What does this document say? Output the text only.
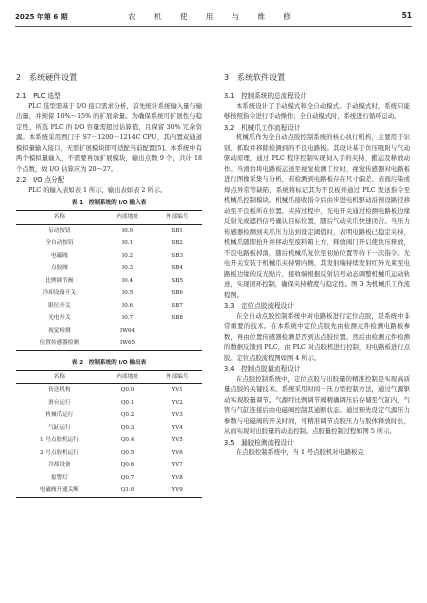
2025 年第 6 期	农 机 使 用 与 维 修	51
2　系统硬件设置
2.1　PLC 选型

PLC 选型需基于 I/O 接口需求分析，首先统计系统输入量与输出量，并预留 10%～15% 的扩展余量。为确保系统可扩展性与稳定性，所选 PLC 的 I/O 容量需超过估算值，且保留 30% 冗余资源。本系统采用西门子 S7－1200－1214C CPU，其内置双通道模拟量输入接口，无需扩展模块即可适配当前配置[5]。本系统中有两个模拟量输入，不需要再加扩展模块，输出点数 9 个，共计 18 个点数，故 I/O 估算应为 20～27。

2.2　I/O 点分配

PLC 的输入表如表 1 所示，输出表如表 2 所示。

表 1　控制系统的 I/O 输入表
名称	内部地址	外部编号
启动按钮	I0.0	SB1
全自动按钮	I0.1	SB2
电磁阀	I0.2	SB3
点胶阀	I0.3	SB4
比例调节阀	I0.4	SB5
冷却设备开关	I0.5	SB6
限位开关	I0.6	SB7
光电开关	I0.7	SB8
视觉检测	IW64	
位置传感器检测	IW65	
表 2　控制系统的 I/O 输出表
名称	内部地址	外部编号
传送机构	Q0.0	YV1
滑台运行	Q0.1	YV2
机械爪运行	Q0.2	YV3
气缸运行	Q0.3	YV4
1 号点胶机运行	Q0.4	YV5
2 号点胶机运行	Q0.5	YV6
冷却设备	Q0.6	YV7
报警灯	Q0.7	YV8
电磁阀开通关断	Q1.0	YV9
3　系统软件设置
3.1　控制系统的总流程设计

本系统设计了手动模式和全自动模式。手动模式时，系统只能够按照指令进行手动操作；全自动模式时，系统进行循环运动。

3.2　机械爪工作流程设计

机械爪作为全自动点胶控制系统的核心执行机构，主要用于识别、抓取并移除检测到的不良电路板。其设计基于负压吸附与气动驱动原理，通过 PLC 程序控制实现伺入手的夹持、搬运及释放动作。当滑台将电路板运送至视觉检测工位时，视觉传感器对电路板进行图像采集与分析，若检测到电路板存在尺寸偏差、表面污染或焊点异常等缺陷，系统将标记其为不良板并通过 PLC 发送指令至机械爪控制模块。机械爪接收指令后由步进电机驱动沿预设路径移动至不良板所在位置。夹持过程中，光电开关通过检测电路板边缘反射光或遮挡信号确认目标位置，随后气动夹爪快速闭合。当压力传感器检测到夹爪压力达到设定阈值时，表明电路板已稳定夹持，机械爪随即抬升并移动至废料箱上方，释放阀门开启使负压释放，不良电路板掉落，随后机械爪复位至初始位置等待下一次指令。光电开关安装于机械爪夹持臂内侧，其发射端持续发射红外光束至电路板边缘的反光贴片，接收端根据反射信号动态调整机械爪运动轨迹，实现闭环控制，确保夹持精度与稳定性。图 3 为机械爪工作流程图。

3.3　定位点胶流程设计

在全自动点胶控制系统中对电路板进行定位点胶，是系统中非常重要的技术。在本系统中定位点胶先由检测元件检测电路板参数，再由位置传感器检测是否到达点胶位置，然后由检测元件检测的数据反馈到 PLC，由 PLC 对点胶机进行控制，对电路板进行点胶。定位点胶流程图如图 4 所示。

3.4　控制点胶量流程设计

在点胶控制系统中，定位点胶与出胶量的精准控制是实现高质量点胶的关键技术。系统采用时间－压力型控制方法，通过气源驱动实现胶量调节。气源经比例调节阀精确调压后存储至气缸内，气管与气缸连接后由电磁阀控制其通断状态。通过预先设定气源压力参数与电磁阀的开关时间，可精准调节点胶压力与胶体释放时长，从而实现对出胶量的动态控制。点胶量控制过程如图 5 所示。

3.5　漏胶检测流程设计

在点胶控制系统中，当 1 号点胶机对电路板完
